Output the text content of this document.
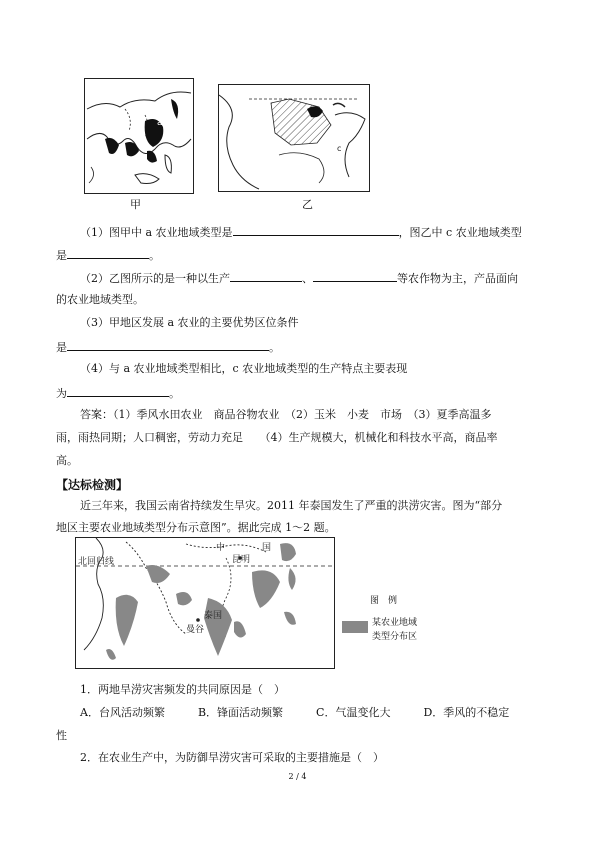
a
甲
c
乙
（1）图甲中 a 农业地域类型是	，图乙中 c 农业地域类型
是	。
（2）乙图所示的是一种以生产	、	等农作物为主，产品面向
的农业地域类型。
（3）甲地区发展 a 农业的主要优势区位条件
是	。
（4）与 a 农业地域类型相比，c 农业地域类型的生产特点主要表现
为	。
答案：（1）季风水田农业　商品谷物农业　（2）玉米　小麦　市场　（3）夏季高温多
雨，雨热同期；人口稠密，劳动力充足　　（4）生产规模大，机械化和科技水平高，商品率
高。
【达标检测】
近三年来，我国云南省持续发生旱灾。2011 年泰国发生了严重的洪涝灾害。图为“部分
地区主要农业地域类型分布示意图”。据此完成 1～2 题。
北回归线
中
昆明
国
泰国
曼谷
图　例
某农业地域
类型分布区
1．两地旱涝灾害频发的共同原因是（　）
A．台风活动频繁　　　B．锋面活动频繁　　　C．气温变化大　　　D．季风的不稳定
性
2．在农业生产中，为防御旱涝灾害可采取的主要措施是（　）
2 / 4
